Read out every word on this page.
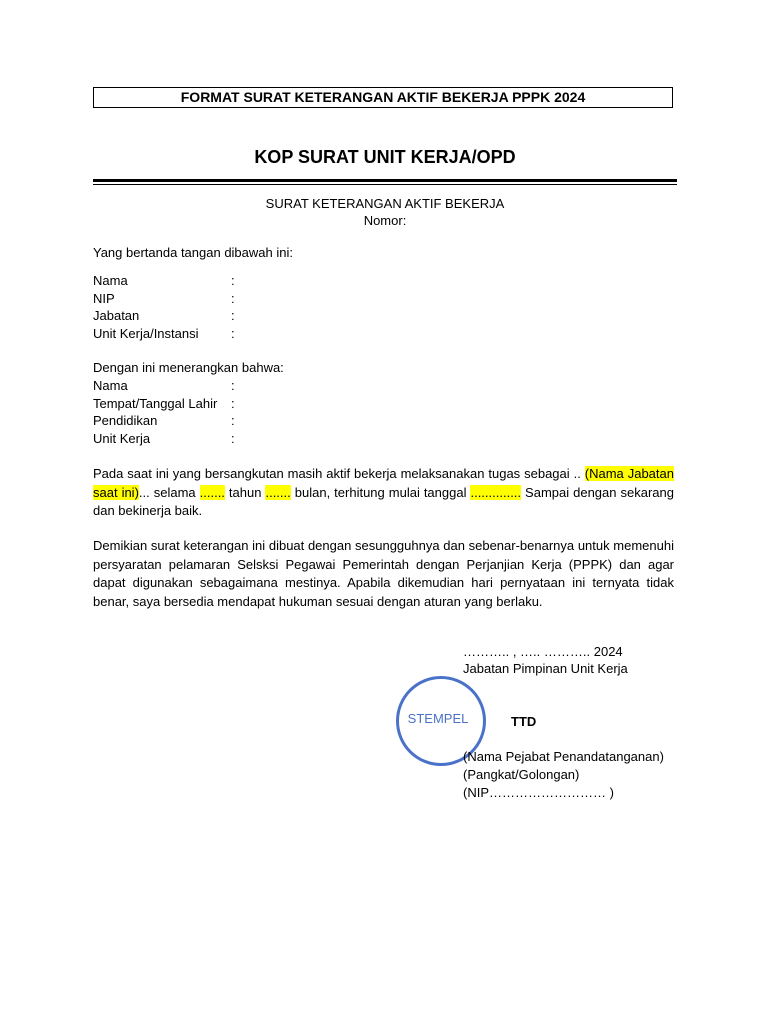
FORMAT SURAT KETERANGAN AKTIF BEKERJA PPPK 2024
KOP SURAT UNIT KERJA/OPD
SURAT KETERANGAN AKTIF BEKERJA
Nomor:
Yang bertanda tangan dibawah ini:
Nama	:
NIP	:
Jabatan	:
Unit Kerja/Instansi	:
Dengan ini menerangkan bahwa:
Nama	:
Tempat/Tanggal Lahir :
Pendidikan	:
Unit Kerja	:
Pada saat ini yang bersangkutan masih aktif bekerja melaksanakan tugas sebagai .. (Nama Jabatan saat ini)... selama ....... tahun ....... bulan, terhitung mulai tanggal .............. Sampai dengan sekarang dan bekinerja baik.
Demikian surat keterangan ini dibuat dengan sesungguhnya dan sebenar-benarnya untuk memenuhi persyaratan pelamaran Selsksi Pegawai Pemerintah dengan Perjanjian Kerja (PPPK) dan agar dapat digunakan sebagaimana mestinya. Apabila dikemudian hari pernyataan ini ternyata tidak benar, saya bersedia mendapat hukuman sesuai dengan aturan yang berlaku.
……….. , ….. ……….. 2024
Jabatan Pimpinan Unit Kerja
STEMPEL	TTD
(Nama Pejabat Penandatanganan)
(Pangkat/Golongan)
(NIP……………………… )
